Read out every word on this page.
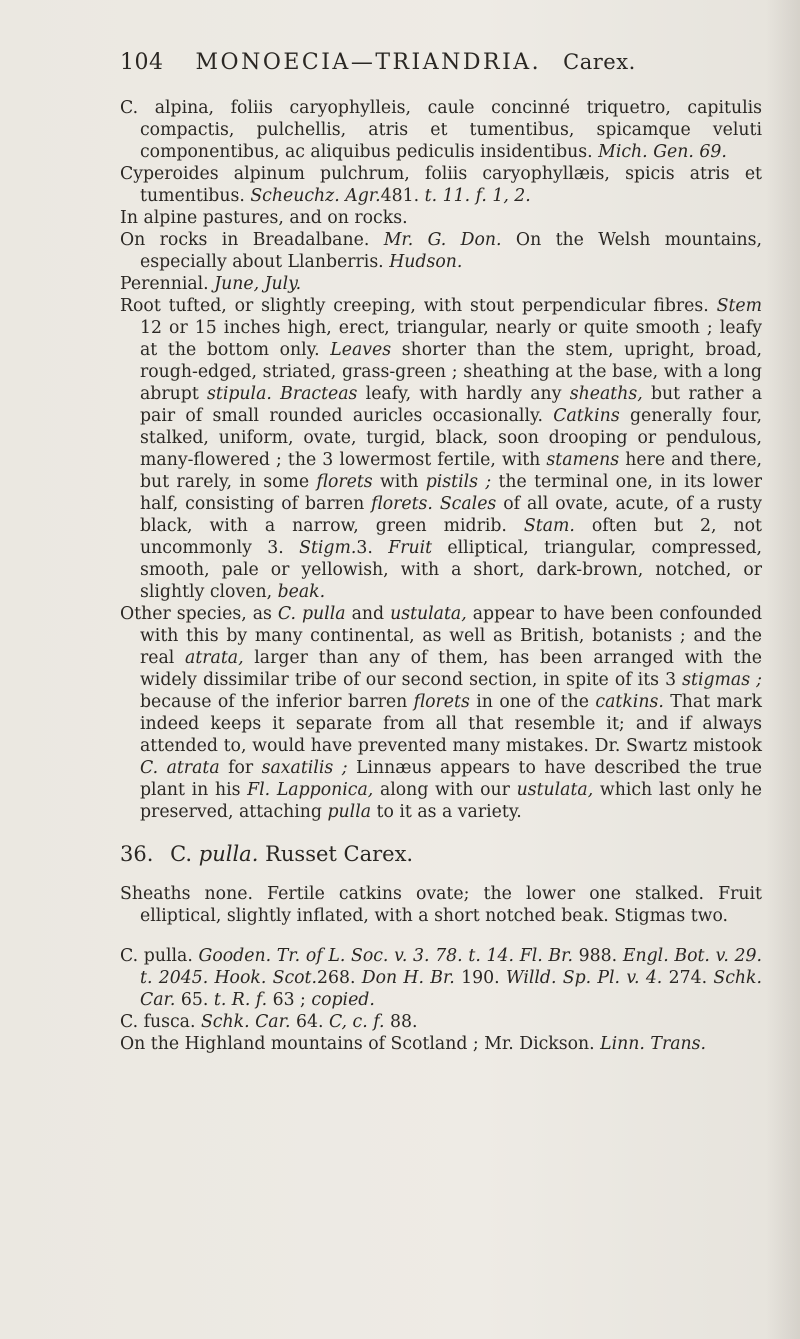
104 MONOECIA—TRIANDRIA. Carex.

C. alpina, foliis caryophylleis, caule concinné triquetro, capitulis compactis, pulchellis, atris et tumentibus, spicamque veluti componentibus, ac aliquibus pediculis insidentibus. Mich. Gen. 69.

Cyperoides alpinum pulchrum, foliis caryophyllæis, spicis atris et tumentibus. Scheuchz. Agr.481. t. 11. f. 1, 2.

In alpine pastures, and on rocks.

On rocks in Breadalbane. Mr. G. Don. On the Welsh mountains, especially about Llanberris. Hudson.

Perennial. June, July.

Root tufted, or slightly creeping, with stout perpendicular fibres. Stem 12 or 15 inches high, erect, triangular, nearly or quite smooth ; leafy at the bottom only. Leaves shorter than the stem, upright, broad, rough-edged, striated, grass-green ; sheathing at the base, with a long abrupt stipula. Bracteas leafy, with hardly any sheaths, but rather a pair of small rounded auricles occasionally. Catkins generally four, stalked, uniform, ovate, turgid, black, soon drooping or pendulous, many-flowered ; the 3 lowermost fertile, with stamens here and there, but rarely, in some florets with pistils ; the terminal one, in its lower half, consisting of barren florets. Scales of all ovate, acute, of a rusty black, with a narrow, green midrib. Stam. often but 2, not uncommonly 3. Stigm.3. Fruit elliptical, triangular, compressed, smooth, pale or yellowish, with a short, dark-brown, notched, or slightly cloven, beak.

Other species, as C. pulla and ustulata, appear to have been confounded with this by many continental, as well as British, botanists ; and the real atrata, larger than any of them, has been arranged with the widely dissimilar tribe of our second section, in spite of its 3 stigmas ; because of the inferior barren florets in one of the catkins. That mark indeed keeps it separate from all that resemble it; and if always attended to, would have prevented many mistakes. Dr. Swartz mistook C. atrata for saxatilis ; Linnæus appears to have described the true plant in his Fl. Lapponica, along with our ustulata, which last only he preserved, attaching pulla to it as a variety.

36. C. pulla. Russet Carex.

Sheaths none. Fertile catkins ovate; the lower one stalked. Fruit elliptical, slightly inflated, with a short notched beak. Stigmas two.

C. pulla. Gooden. Tr. of L. Soc. v. 3. 78. t. 14. Fl. Br. 988. Engl. Bot. v. 29. t. 2045. Hook. Scot.268. Don H. Br. 190. Willd. Sp. Pl. v. 4. 274. Schk. Car. 65. t. R. f. 63 ; copied.

C. fusca. Schk. Car. 64. C, c. f. 88.

On the Highland mountains of Scotland ; Mr. Dickson. Linn. Trans.
